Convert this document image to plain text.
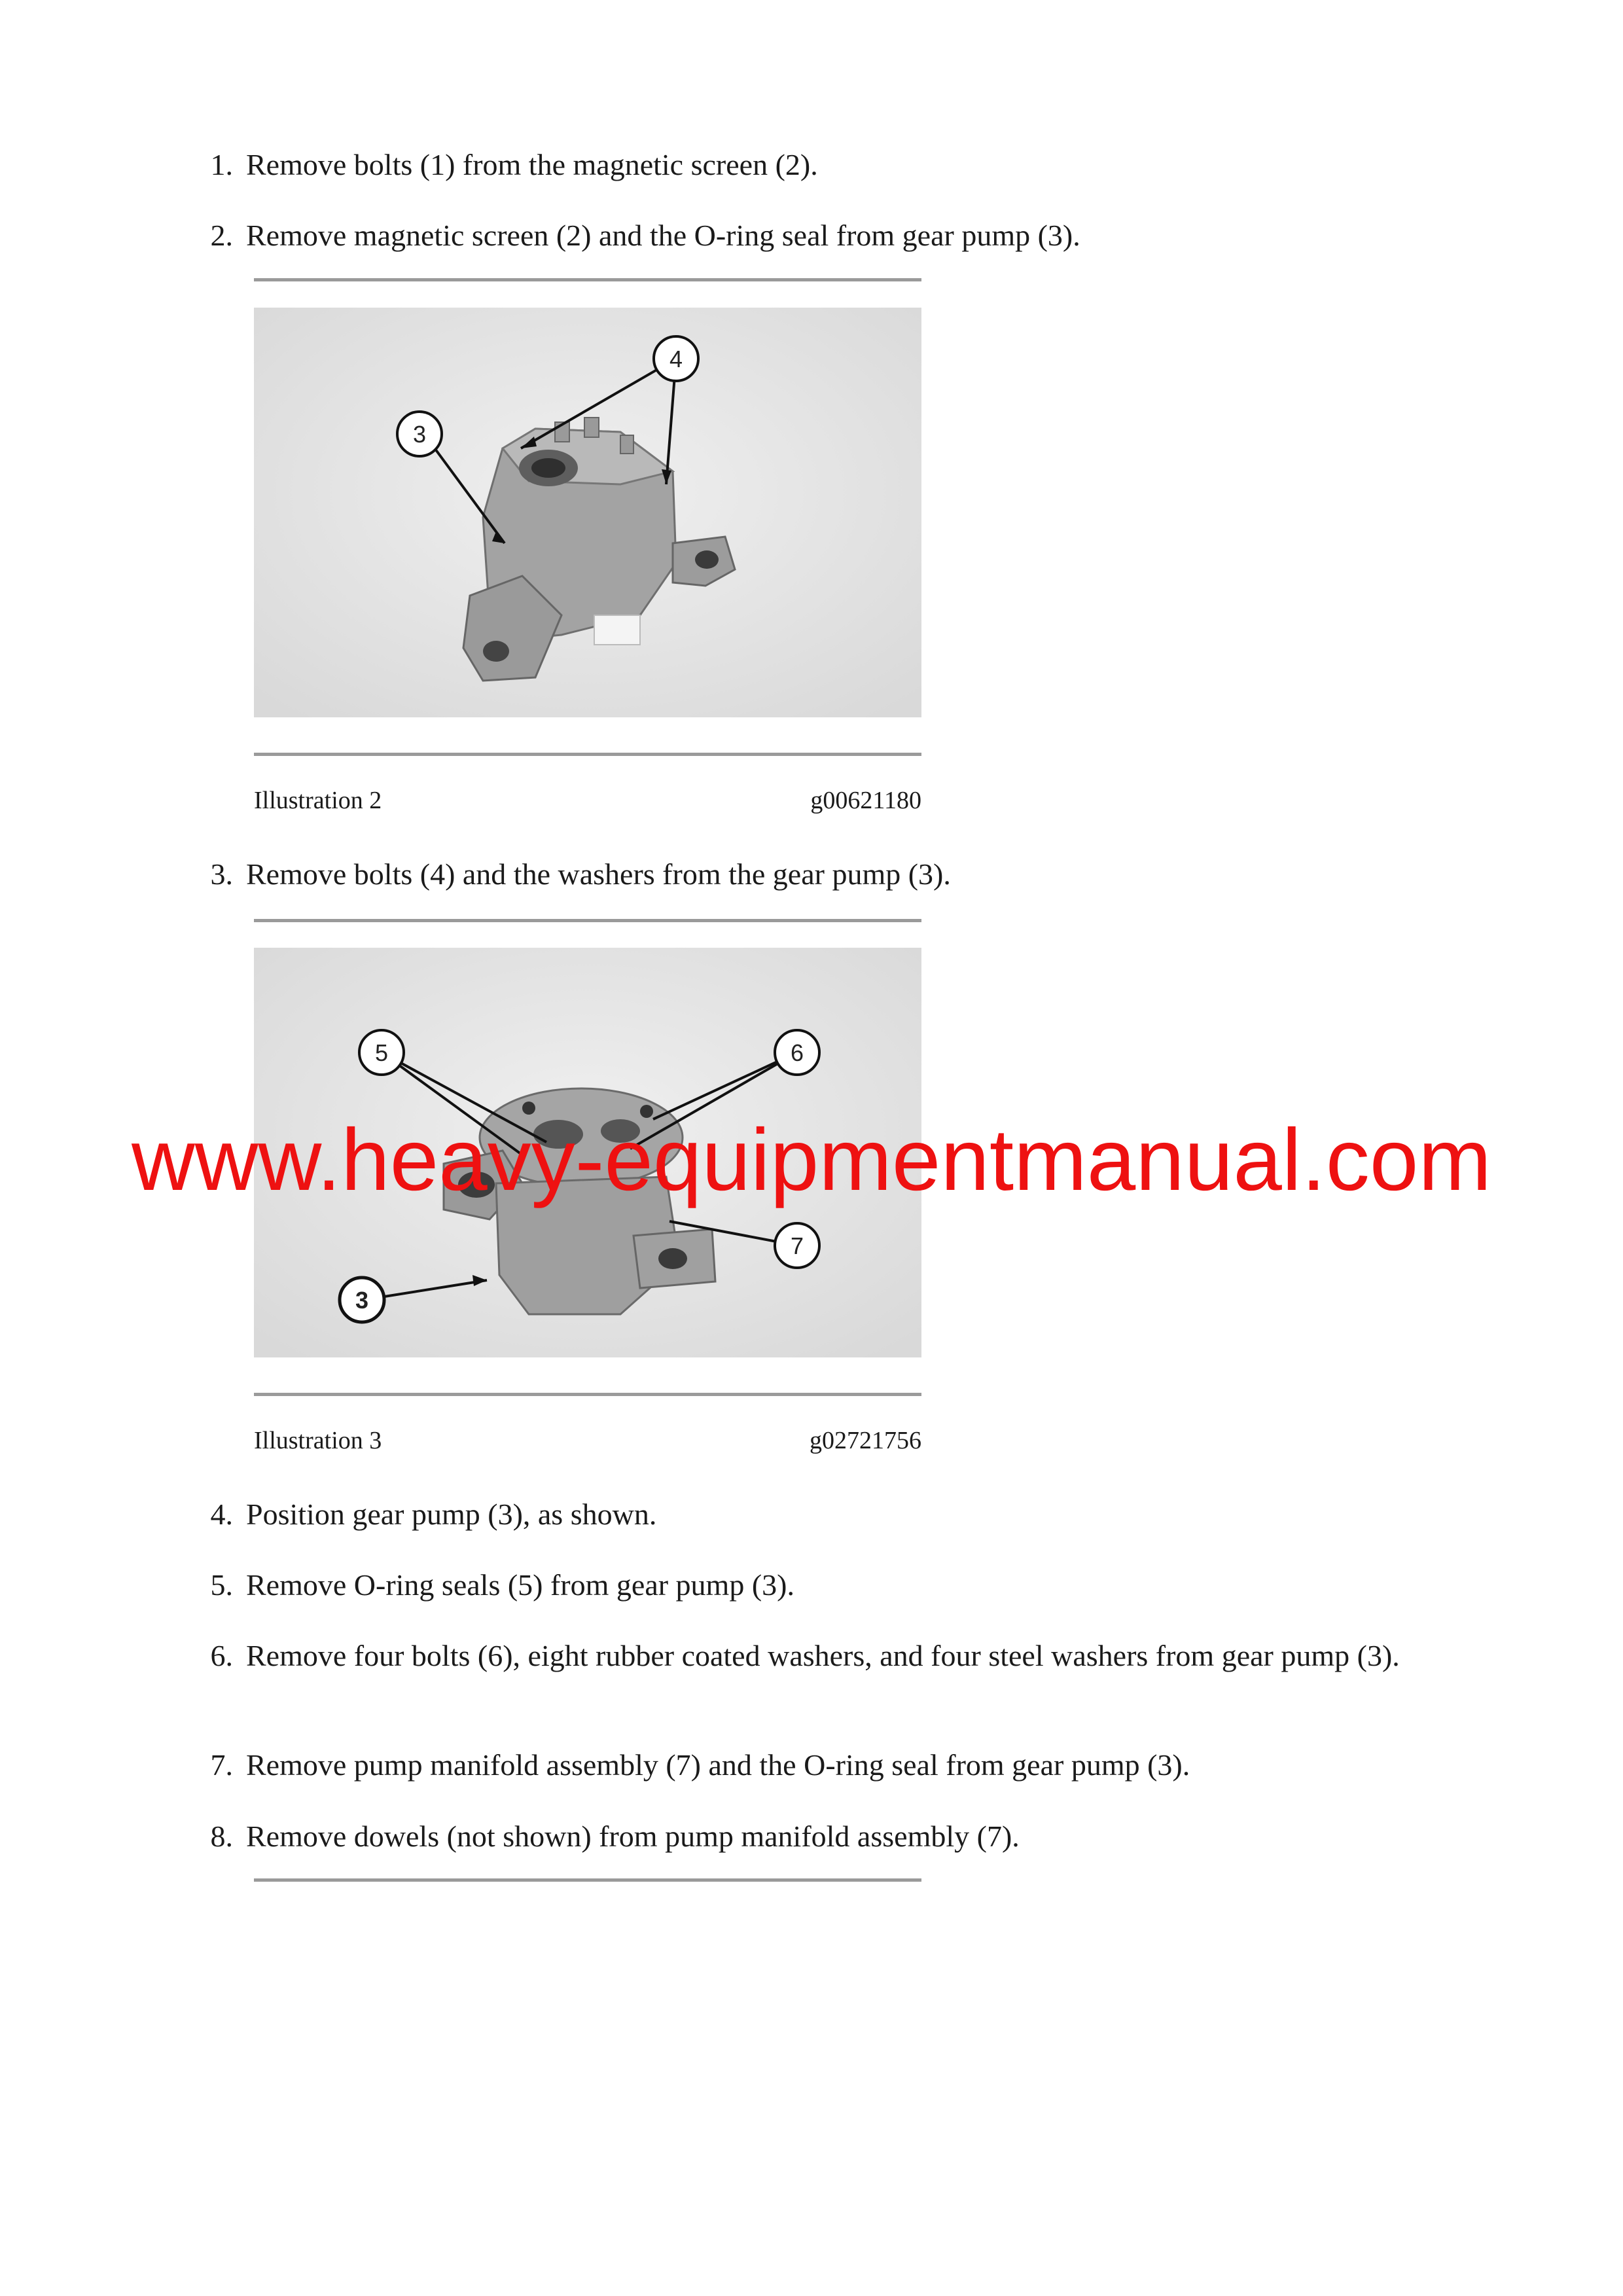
1. Remove bolts (1) from the magnetic screen (2).
2. Remove magnetic screen (2) and the O-ring seal from gear pump (3).
3
4
Illustration 2	g00621180
3. Remove bolts (4) and the washers from the gear pump (3).
5	6
7
3
Illustration 3	g02721756
4. Position gear pump (3), as shown.
5. Remove O-ring seals (5) from gear pump (3).
6. Remove four bolts (6), eight rubber coated washers, and four steel washers from gear pump (3).
7. Remove pump manifold assembly (7) and the O-ring seal from gear pump (3).
8. Remove dowels (not shown) from pump manifold assembly (7).
www.heavy-equipmentmanual.com
